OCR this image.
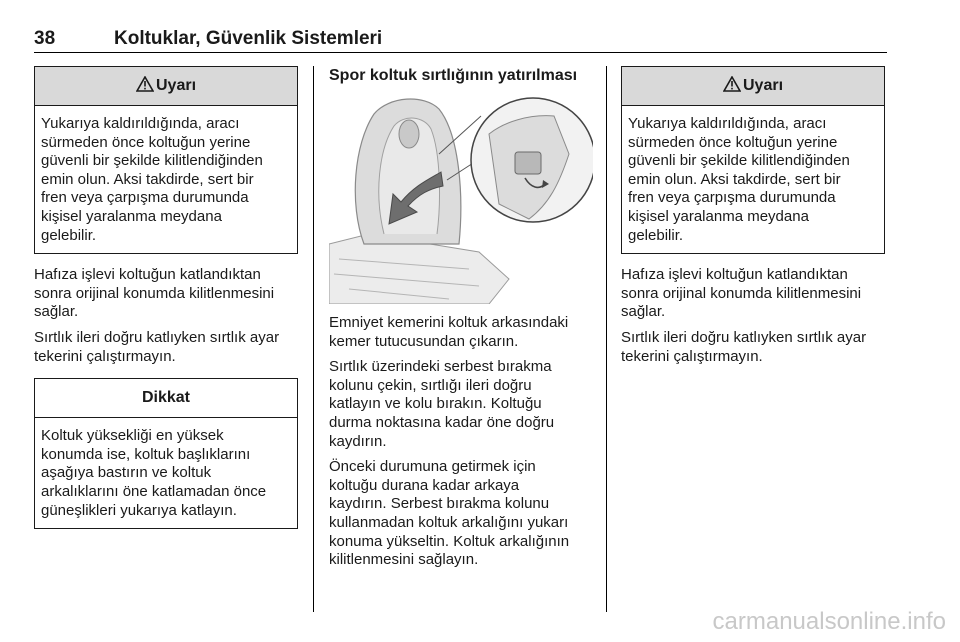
38	Koltuklar, Güvenlik Sistemleri
Uyarı
Yukarıya kaldırıldığında, aracı
sürmeden önce koltuğun yerine
güvenli bir şekilde kilitlendiğinden
emin olun. Aksi takdirde, sert bir
fren veya çarpışma durumunda
kişisel yaralanma meydana
gelebilir.

Hafıza işlevi koltuğun katlandıktan
sonra orijinal konumda kilitlenmesini
sağlar.

Sırtlık ileri doğru katlıyken sırtlık ayar
tekerini çalıştırmayın.

Dikkat
Koltuk yüksekliği en yüksek
konumda ise, koltuk başlıklarını
aşağıya bastırın ve koltuk
arkalıklarını öne katlamadan önce
güneşlikleri yukarıya katlayın.
Spor koltuk sırtlığının yatırılması

Emniyet kemerini koltuk arkasındaki
kemer tutucusundan çıkarın.

Sırtlık üzerindeki serbest bırakma
kolunu çekin, sırtlığı ileri doğru
katlayın ve kolu bırakın. Koltuğu
durma noktasına kadar öne doğru
kaydırın.

Önceki durumuna getirmek için
koltuğu durana kadar arkaya
kaydırın. Serbest bırakma kolunu
kullanmadan koltuk arkalığını yukarı
konuma yükseltin. Koltuk arkalığının
kilitlenmesini sağlayın.

Uyarı
Yukarıya kaldırıldığında, aracı
sürmeden önce koltuğun yerine
güvenli bir şekilde kilitlendiğinden
emin olun. Aksi takdirde, sert bir
fren veya çarpışma durumunda
kişisel yaralanma meydana
gelebilir.

Hafıza işlevi koltuğun katlandıktan
sonra orijinal konumda kilitlenmesini
sağlar.

Sırtlık ileri doğru katlıyken sırtlık ayar
tekerini çalıştırmayın.

carmanualsonline.info
